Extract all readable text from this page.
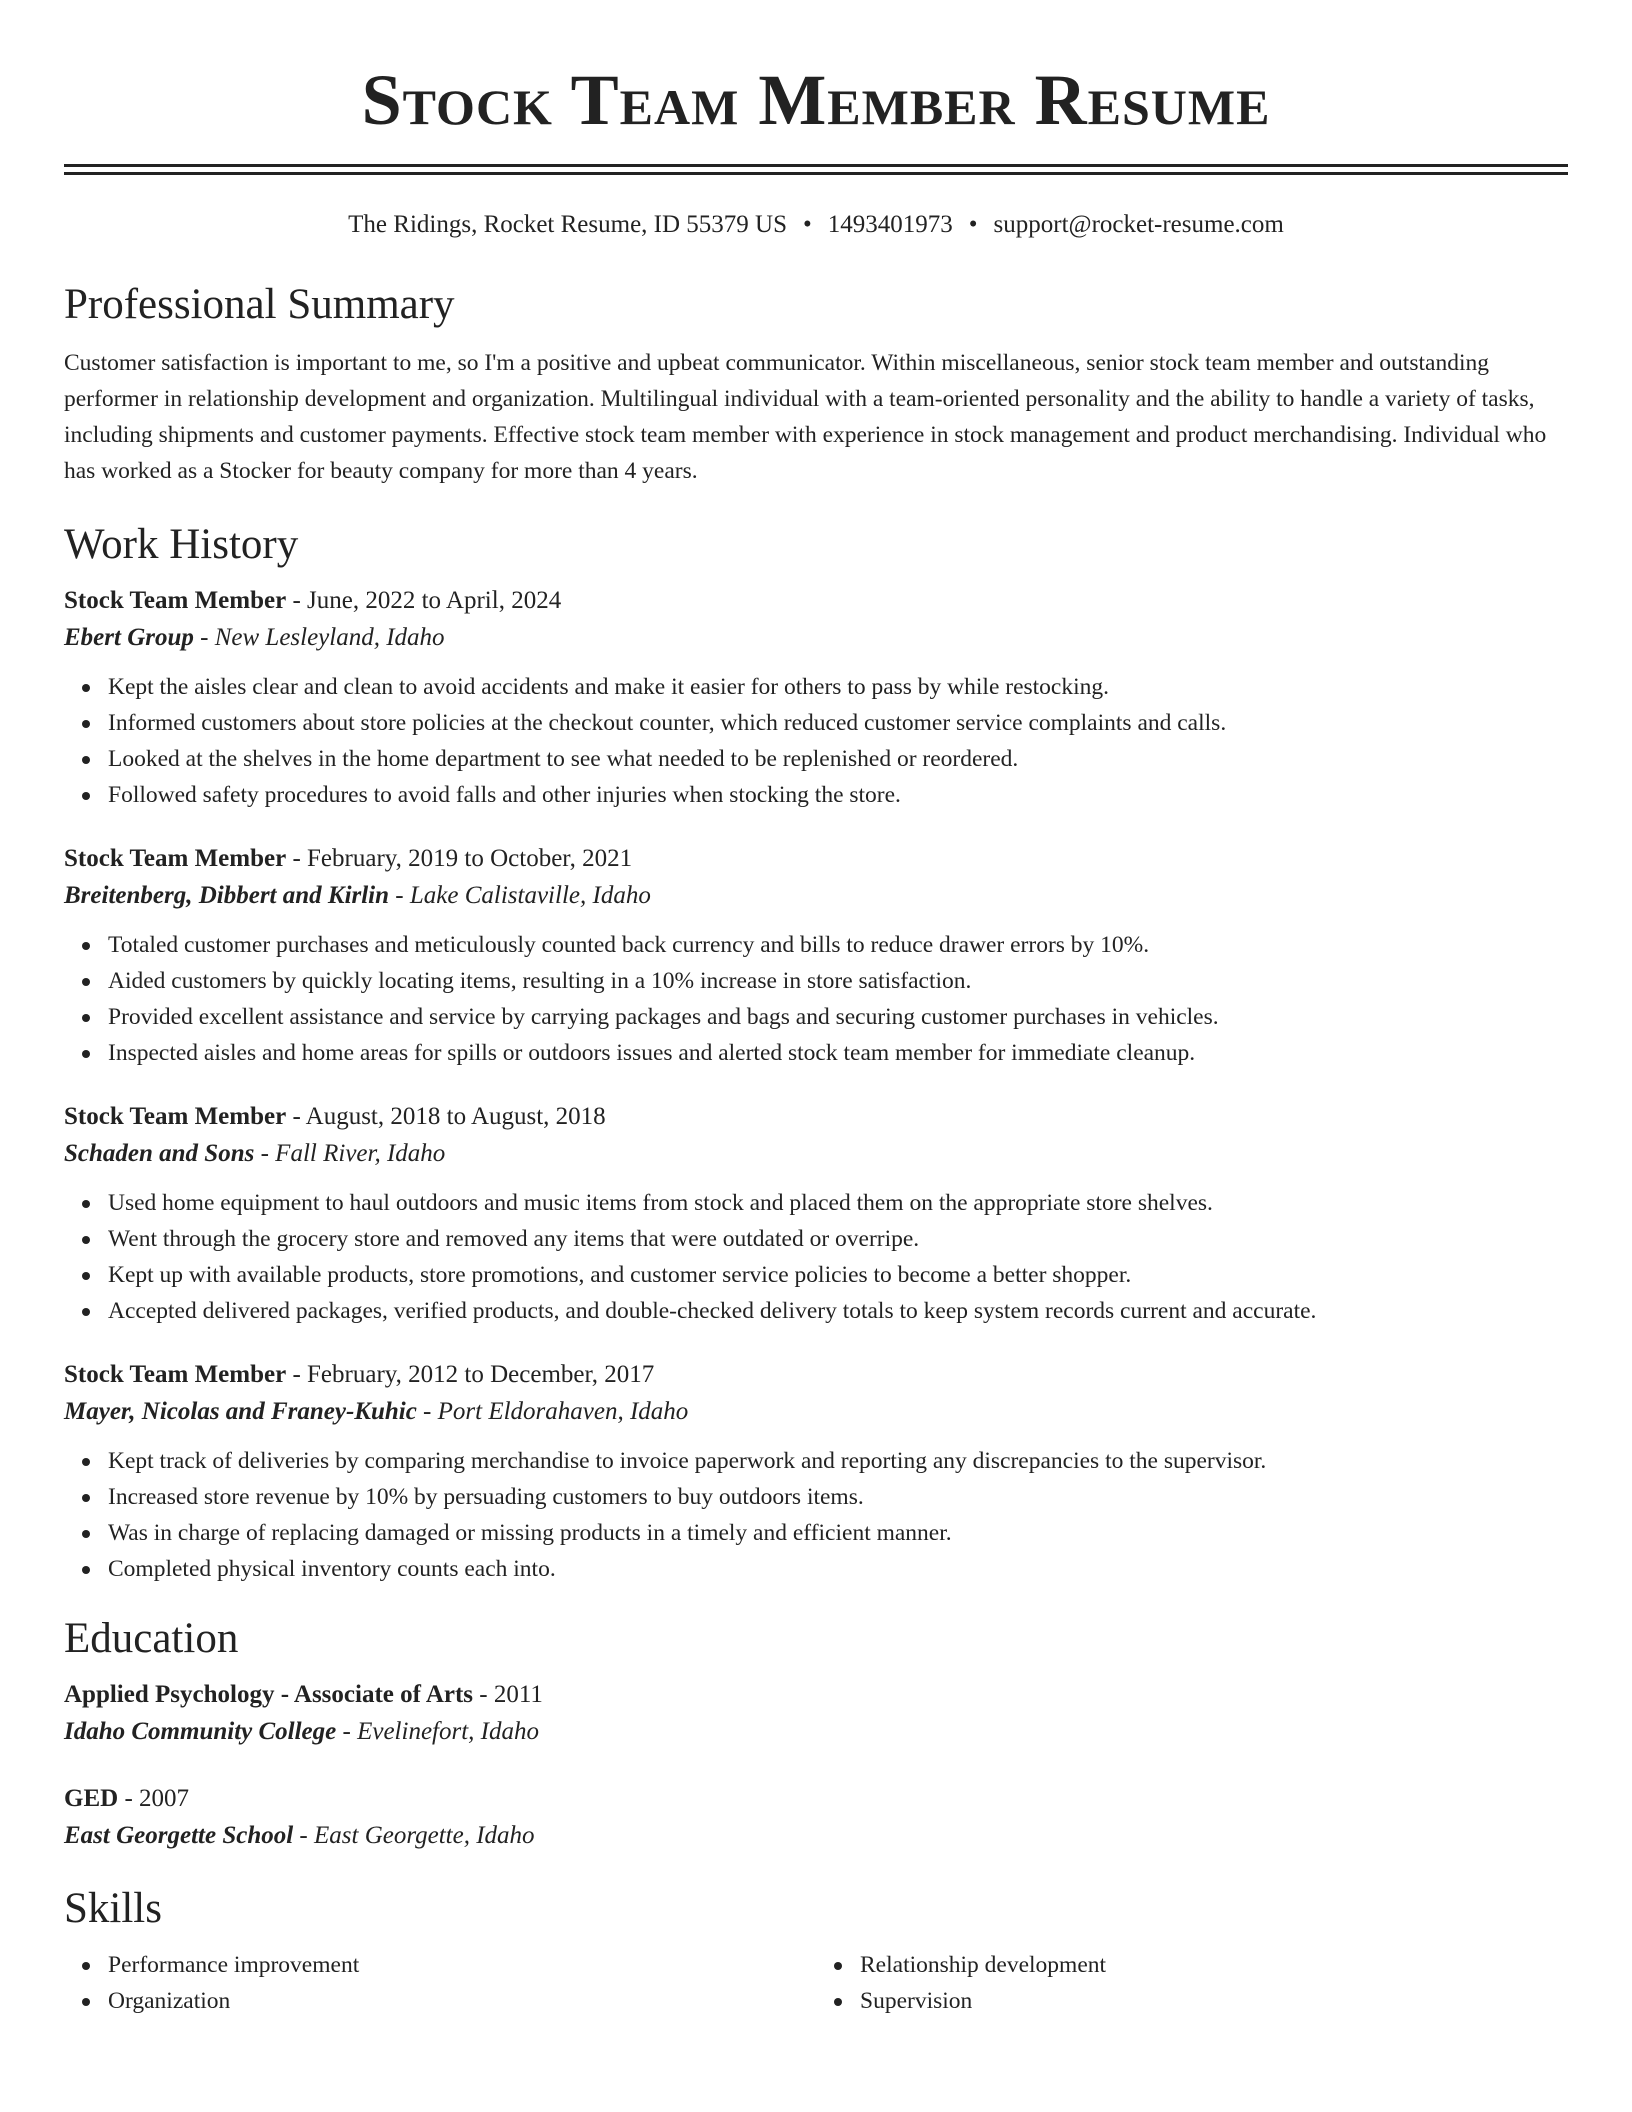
Stock Team Member Resume
The Ridings, Rocket Resume, ID 55379 US • 1493401973 • support@rocket-resume.com
Professional Summary

Customer satisfaction is important to me, so I'm a positive and upbeat communicator. Within miscellaneous, senior stock team member and outstanding performer in relationship development and organization. Multilingual individual with a team-oriented personality and the ability to handle a variety of tasks, including shipments and customer payments. Effective stock team member with experience in stock management and product merchandising. Individual who has worked as a Stocker for beauty company for more than 4 years.

Work History
Stock Team Member - June, 2022 to April, 2024
Ebert Group - New Lesleyland, Idaho
Kept the aisles clear and clean to avoid accidents and make it easier for others to pass by while restocking.
Informed customers about store policies at the checkout counter, which reduced customer service complaints and calls.
Looked at the shelves in the home department to see what needed to be replenished or reordered.
Followed safety procedures to avoid falls and other injuries when stocking the store.
Stock Team Member - February, 2019 to October, 2021
Breitenberg, Dibbert and Kirlin - Lake Calistaville, Idaho
Totaled customer purchases and meticulously counted back currency and bills to reduce drawer errors by 10%.
Aided customers by quickly locating items, resulting in a 10% increase in store satisfaction.
Provided excellent assistance and service by carrying packages and bags and securing customer purchases in vehicles.
Inspected aisles and home areas for spills or outdoors issues and alerted stock team member for immediate cleanup.
Stock Team Member - August, 2018 to August, 2018
Schaden and Sons - Fall River, Idaho
Used home equipment to haul outdoors and music items from stock and placed them on the appropriate store shelves.
Went through the grocery store and removed any items that were outdated or overripe.
Kept up with available products, store promotions, and customer service policies to become a better shopper.
Accepted delivered packages, verified products, and double-checked delivery totals to keep system records current and accurate.
Stock Team Member - February, 2012 to December, 2017
Mayer, Nicolas and Franey-Kuhic - Port Eldorahaven, Idaho
Kept track of deliveries by comparing merchandise to invoice paperwork and reporting any discrepancies to the supervisor.
Increased store revenue by 10% by persuading customers to buy outdoors items.
Was in charge of replacing damaged or missing products in a timely and efficient manner.
Completed physical inventory counts each into.
Education
Applied Psychology - Associate of Arts - 2011
Idaho Community College - Evelinefort, Idaho
GED - 2007
East Georgette School - East Georgette, Idaho
Skills
Performance improvement
Organization
Relationship development
Supervision
